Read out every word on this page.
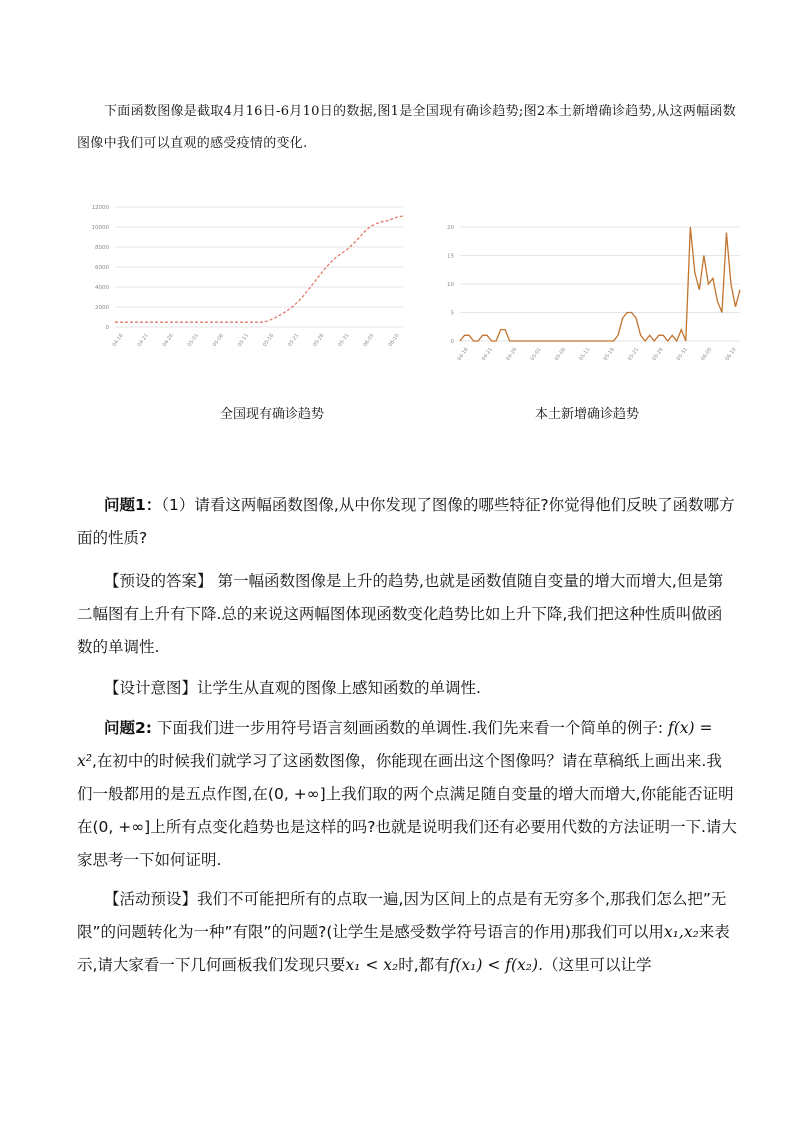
下面函数图像是截取4月16日-6月10日的数据,图1是全国现有确诊趋势;图2本土新增确诊趋势,从这两幅函数图像中我们可以直观的感受疫情的变化.
0
2000
4000
6000
8000
10000
12000
04-16 04-21 04-26 05-01 05-06 05-11 05-16 05-21 05-26 05-31 06-05 06-10	0
5
10
15
20
04-16 04-21 04-26 05-01 05-06 05-11 05-16 05-21 05-26 05-31 06-05 06-10
全国现有确诊趋势	本土新增确诊趋势
问题1：（1）请看这两幅函数图像,从中你发现了图像的哪些特征?你觉得他们反映了函数哪方面的性质?
【预设的答案】 第一幅函数图像是上升的趋势,也就是函数值随自变量的增大而增大,但是第二幅图有上升有下降.总的来说这两幅图体现函数变化趋势比如上升下降,我们把这种性质叫做函数的单调性.
【设计意图】让学生从直观的图像上感知函数的单调性.
问题2: 下面我们进一步用符号语言刻画函数的单调性.我们先来看一个简单的例子: f(x) = x²,在初中的时候我们就学习了这函数图像，你能现在画出这个图像吗？请在草稿纸上画出来.我们一般都用的是五点作图,在(0, +∞]上我们取的两个点满足随自变量的增大而增大,你能能否证明在(0, +∞]上所有点变化趋势也是这样的吗?也就是说明我们还有必要用代数的方法证明一下.请大家思考一下如何证明.
【活动预设】我们不可能把所有的点取一遍,因为区间上的点是有无穷多个,那我们怎么把”无限”的问题转化为一种”有限”的问题?(让学生是感受数学符号语言的作用)那我们可以用x₁,x₂来表示,请大家看一下几何画板我们发现只要x₁ < x₂时,都有f(x₁) < f(x₂).（这里可以让学
